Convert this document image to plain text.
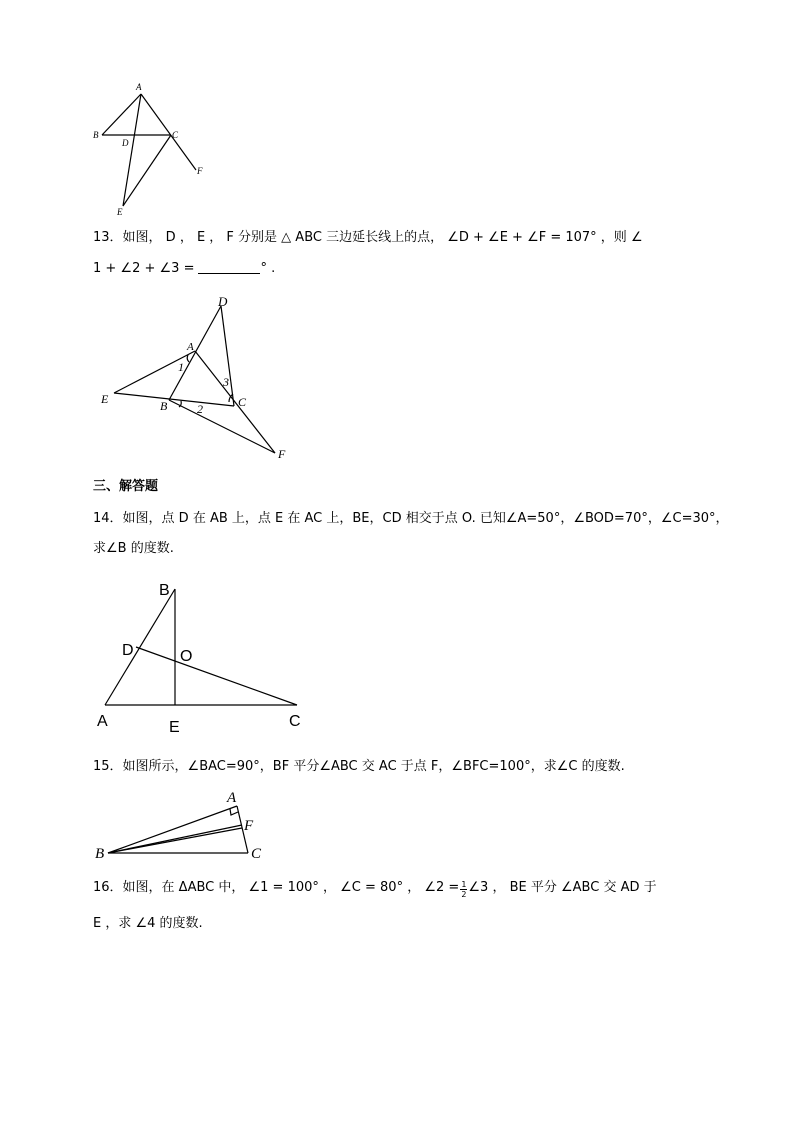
A
B	C
D
E
F
13．如图， D ， E ， F 分别是 △ ABC 三边延长线上的点， ∠D + ∠E + ∠F = 107° ，则 ∠
1 + ∠2 + ∠3 =	° .
D
A
E	B	C
F
1
2
3
三、解答题
14．如图，点 D 在 AB 上，点 E 在 AC 上，BE，CD 相交于点 O. 已知∠A=50°，∠BOD=70°，∠C=30°，
求∠B 的度数.
B
D	O
A	E	C
15．如图所示，∠BAC=90°，BF 平分∠ABC 交 AC 于点 F，∠BFC=100°，求∠C 的度数.
A
F
B	C
16．如图，在 ΔABC 中， ∠1 = 100° ， ∠C = 80° ， ∠2 = $\frac{1}{2}$ ∠3 ， BE 平分 ∠ABC 交 AD 于
E ，求 ∠4 的度数.
